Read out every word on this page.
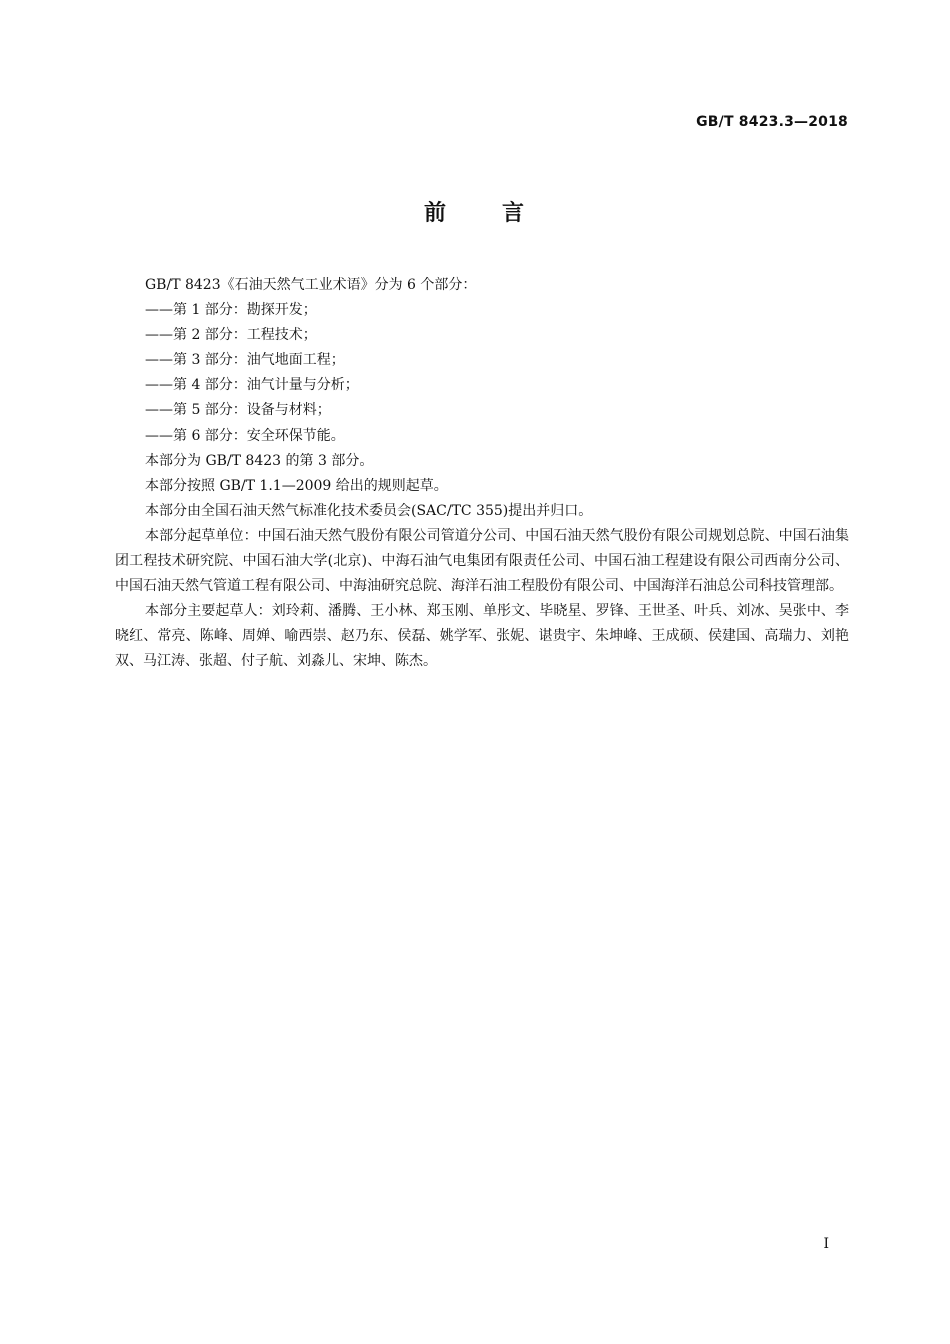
GB/T 8423.3—2018
前 言

GB/T 8423《石油天然气工业术语》分为 6 个部分：

——第 1 部分：勘探开发；

——第 2 部分：工程技术；

——第 3 部分：油气地面工程；

——第 4 部分：油气计量与分析；

——第 5 部分：设备与材料；

——第 6 部分：安全环保节能。

本部分为 GB/T 8423 的第 3 部分。

本部分按照 GB/T 1.1—2009 给出的规则起草。

本部分由全国石油天然气标准化技术委员会(SAC/TC 355)提出并归口。

本部分起草单位：中国石油天然气股份有限公司管道分公司、中国石油天然气股份有限公司规划总院、中国石油集团工程技术研究院、中国石油大学(北京)、中海石油气电集团有限责任公司、中国石油工程建设有限公司西南分公司、中国石油天然气管道工程有限公司、中海油研究总院、海洋石油工程股份有限公司、中国海洋石油总公司科技管理部。

本部分主要起草人：刘玲莉、潘腾、王小林、郑玉刚、单彤文、毕晓星、罗锋、王世圣、叶兵、刘冰、吴张中、李晓红、常亮、陈峰、周婵、喻西崇、赵乃东、侯磊、姚学军、张妮、谌贵宇、朱坤峰、王成硕、侯建国、高瑞力、刘艳双、马江涛、张超、付子航、刘淼儿、宋坤、陈杰。

I
